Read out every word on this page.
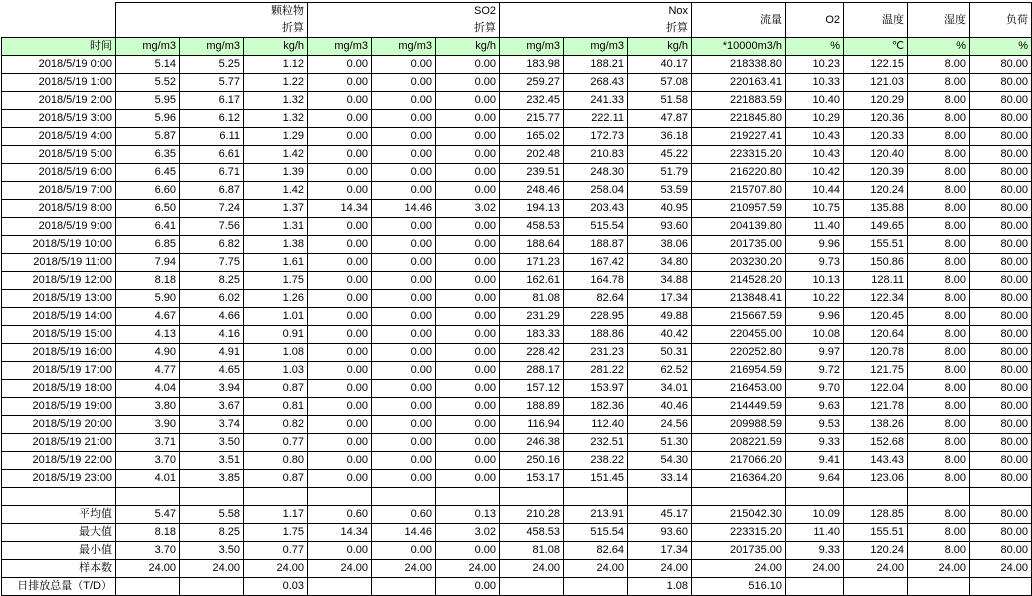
	颗粒物			SO2			Nox			流量	O2	温度	湿度	负荷
	折算			折算			折算							
时间	mg/m3	mg/m3	kg/h	mg/m3	mg/m3	kg/h	mg/m3	mg/m3	kg/h	*10000m3/h	%	℃	%	%
2018/5/19 0:00	5.14	5.25	1.12	0.00	0.00	0.00	183.98	188.21	40.17	218338.80	10.23	122.15	8.00	80.00
2018/5/19 1:00	5.52	5.77	1.22	0.00	0.00	0.00	259.27	268.43	57.08	220163.41	10.33	121.03	8.00	80.00
2018/5/19 2:00	5.95	6.17	1.32	0.00	0.00	0.00	232.45	241.33	51.58	221883.59	10.40	120.29	8.00	80.00
2018/5/19 3:00	5.96	6.12	1.32	0.00	0.00	0.00	215.77	222.11	47.87	221845.80	10.29	120.36	8.00	80.00
2018/5/19 4:00	5.87	6.11	1.29	0.00	0.00	0.00	165.02	172.73	36.18	219227.41	10.43	120.33	8.00	80.00
2018/5/19 5:00	6.35	6.61	1.42	0.00	0.00	0.00	202.48	210.83	45.22	223315.20	10.43	120.40	8.00	80.00
2018/5/19 6:00	6.45	6.71	1.39	0.00	0.00	0.00	239.51	248.30	51.79	216220.80	10.42	120.39	8.00	80.00
2018/5/19 7:00	6.60	6.87	1.42	0.00	0.00	0.00	248.46	258.04	53.59	215707.80	10.44	120.24	8.00	80.00
2018/5/19 8:00	6.50	7.24	1.37	14.34	14.46	3.02	194.13	203.43	40.95	210957.59	10.75	135.88	8.00	80.00
2018/5/19 9:00	6.41	7.56	1.31	0.00	0.00	0.00	458.53	515.54	93.60	204139.80	11.40	149.65	8.00	80.00
2018/5/19 10:00	6.85	6.82	1.38	0.00	0.00	0.00	188.64	188.87	38.06	201735.00	9.96	155.51	8.00	80.00
2018/5/19 11:00	7.94	7.75	1.61	0.00	0.00	0.00	171.23	167.42	34.80	203230.20	9.73	150.86	8.00	80.00
2018/5/19 12:00	8.18	8.25	1.75	0.00	0.00	0.00	162.61	164.78	34.88	214528.20	10.13	128.11	8.00	80.00
2018/5/19 13:00	5.90	6.02	1.26	0.00	0.00	0.00	81.08	82.64	17.34	213848.41	10.22	122.34	8.00	80.00
2018/5/19 14:00	4.67	4.66	1.01	0.00	0.00	0.00	231.29	228.95	49.88	215667.59	9.96	120.45	8.00	80.00
2018/5/19 15:00	4.13	4.16	0.91	0.00	0.00	0.00	183.33	188.86	40.42	220455.00	10.08	120.64	8.00	80.00
2018/5/19 16:00	4.90	4.91	1.08	0.00	0.00	0.00	228.42	231.23	50.31	220252.80	9.97	120.78	8.00	80.00
2018/5/19 17:00	4.77	4.65	1.03	0.00	0.00	0.00	288.17	281.22	62.52	216954.59	9.72	121.75	8.00	80.00
2018/5/19 18:00	4.04	3.94	0.87	0.00	0.00	0.00	157.12	153.97	34.01	216453.00	9.70	122.04	8.00	80.00
2018/5/19 19:00	3.80	3.67	0.81	0.00	0.00	0.00	188.89	182.36	40.46	214449.59	9.63	121.78	8.00	80.00
2018/5/19 20:00	3.90	3.74	0.82	0.00	0.00	0.00	116.94	112.40	24.56	209988.59	9.53	138.26	8.00	80.00
2018/5/19 21:00	3.71	3.50	0.77	0.00	0.00	0.00	246.38	232.51	51.30	208221.59	9.33	152.68	8.00	80.00
2018/5/19 22:00	3.70	3.51	0.80	0.00	0.00	0.00	250.16	238.22	54.30	217066.20	9.41	143.43	8.00	80.00
2018/5/19 23:00	4.01	3.85	0.87	0.00	0.00	0.00	153.17	151.45	33.14	216364.20	9.64	123.06	8.00	80.00

平均值	5.47	5.58	1.17	0.60	0.60	0.13	210.28	213.91	45.17	215042.30	10.09	128.85	8.00	80.00
最大值	8.18	8.25	1.75	14.34	14.46	3.02	458.53	515.54	93.60	223315.20	11.40	155.51	8.00	80.00
最小值	3.70	3.50	0.77	0.00	0.00	0.00	81.08	82.64	17.34	201735.00	9.33	120.24	8.00	80.00
样本数	24.00	24.00	24.00	24.00	24.00	24.00	24.00	24.00	24.00	24.00	24.00	24.00	24.00	24.00
日排放总量（T/D）			0.03			0.00			1.08	516.10				
